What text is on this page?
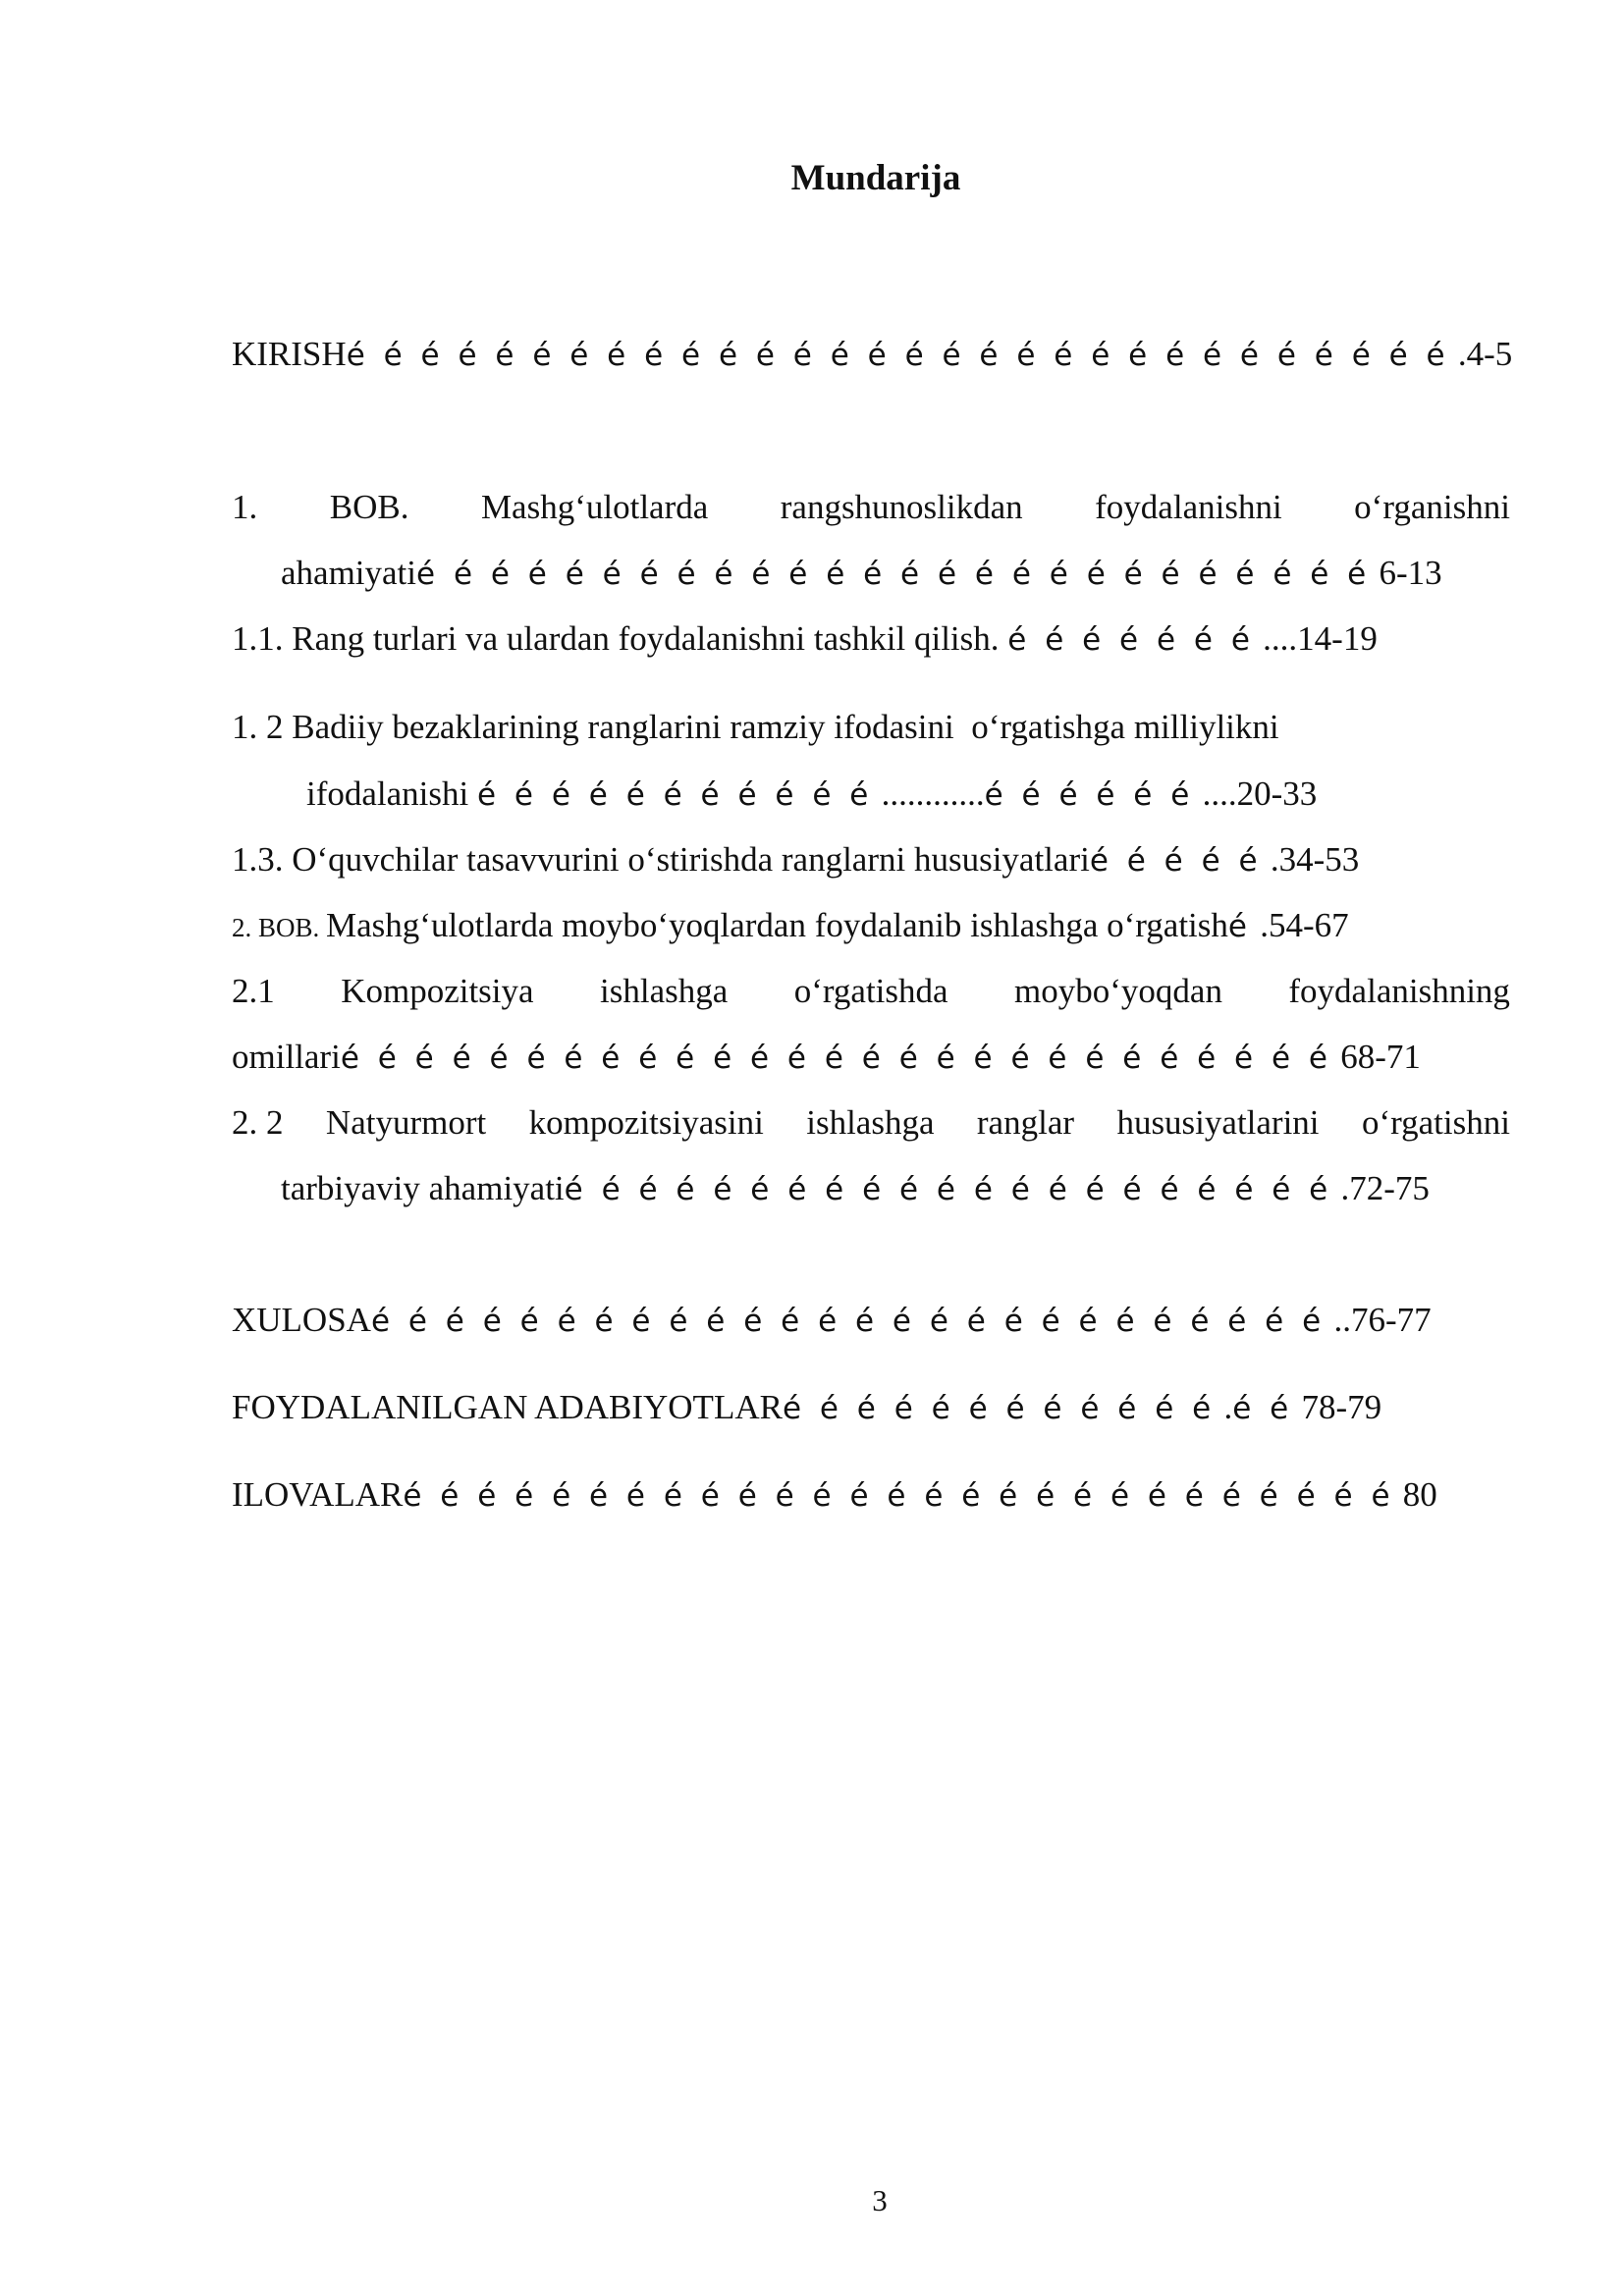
Mundarija
KIRISHé é é é é é é é é é é é é é é é é é é é é é é é é é é é é é .4-5
1. BOB. Mashgʻulotlarda rangshunoslikdan foydalanishni oʻrganishni
ahamiyatié é é é é é é é é é é é é é é é é é é é é é é é é é 6-13
1.1. Rang turlari va ulardan foydalanishni tashkil qilish. é é é é é é é ....14-19
1. 2 Badiiy bezaklarining ranglarini ramziy ifodasini  oʻrgatishga milliylikni
ifodalanishi é é é é é é é é é é é ............é é é é é é ....20-33
1.3. Oʻquvchilar tasavvurini oʻstirishda ranglarni hususiyatlarié é é é é .34-53
2. BOB. Mashgʻulotlarda moyboʻyoqlardan foydalanib ishlashga oʻrgatishé .54-67
2.1 Kompozitsiya ishlashga oʻrgatishda moyboʻyoqdan foydalanishning
omillarié é é é é é é é é é é é é é é é é é é é é é é é é é é 68-71
2. 2 Natyurmort kompozitsiyasini ishlashga ranglar hususiyatlarini oʻrgatishni
tarbiyaviy ahamiyatié é é é é é é é é é é é é é é é é é é é é .72-75
XULOSAé é é é é é é é é é é é é é é é é é é é é é é é é é ..76-77
FOYDALANILGAN ADABIYOTLARé é é é é é é é é é é é .é é 78-79
ILOVALARé é é é é é é é é é é é é é é é é é é é é é é é é é é 80
3
